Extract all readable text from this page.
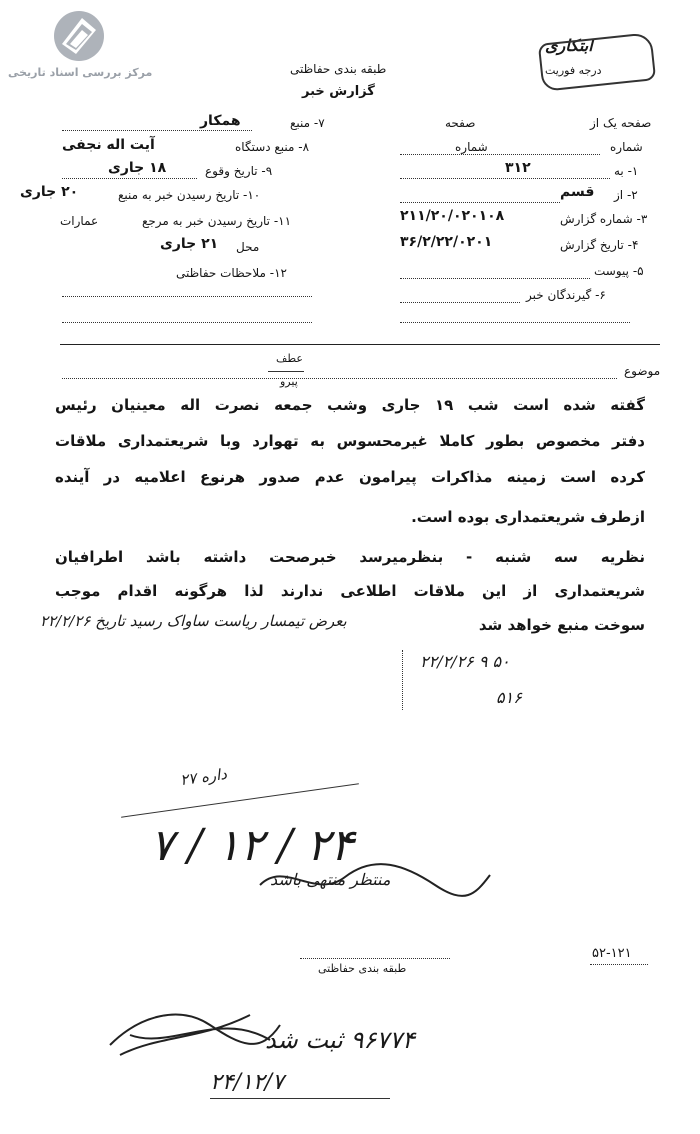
مرکز بررسی اسناد تاریخی	طبقه بندی حفاظتی
گزارش خبر
ابتکاری
درجه فوریت
۷- منبع
همکار
۸- منبع دستگاه
آیت اله نجفی
۹- تاریخ وقوع
۱۸ جاری
۱۰- تاریخ رسیدن خبر به منبع
۲۰ جاری
۱۱- تاریخ رسیدن خبر به مرجع
عمارات
محل
۲۱ جاری
۱۲- ملاحظات حفاظتی
صفحه یک از
صفحه
شماره
شماره
۱- به
۳۱۲
۲- از
قسم
۳- شماره گزارش
۲۱۱/۲۰/۰۲۰۱۰۸
۴- تاریخ گزارش
۳۶/۲/۲۲/۰۲۰۱
۵- پیوست
۶- گیرندگان خبر
موضوع
عطف
پیرو
گفته شده است شب ۱۹ جاری وشب جمعه نصرت اله معینیان رئیس
دفتر مخصوص بطور کاملا غیرمحسوس به تهوارد وبا شریعتمداری ملاقات
کرده است زمینه مذاکرات پیرامون عدم صدور هرنوع اعلامیه در آینده
ازطرف شریعتمداری بوده است.
نظریه سه شنبه - بنظرمیرسد خبرصحت داشته باشد اطرافیان
شریعتمداری از این ملاقات اطلاعی ندارند لذا هرگونه اقدام موجب
سوخت منبع خواهد شد
بعرض تیمسار ریاست ساواک رسید تاریخ ۲۲/۲/۲۶
۵۰ ۹ ۲۲/۲/۲۶
۵۱۶
داره ۲۷
۷ / ۱۲ / ۲۴
منتظر منتهی باشد
طبقه بندی حفاظتی
۵۲-۱۲۱
۹۶۷۷۴ ثبت شد
۲۴/۱۲/۷
